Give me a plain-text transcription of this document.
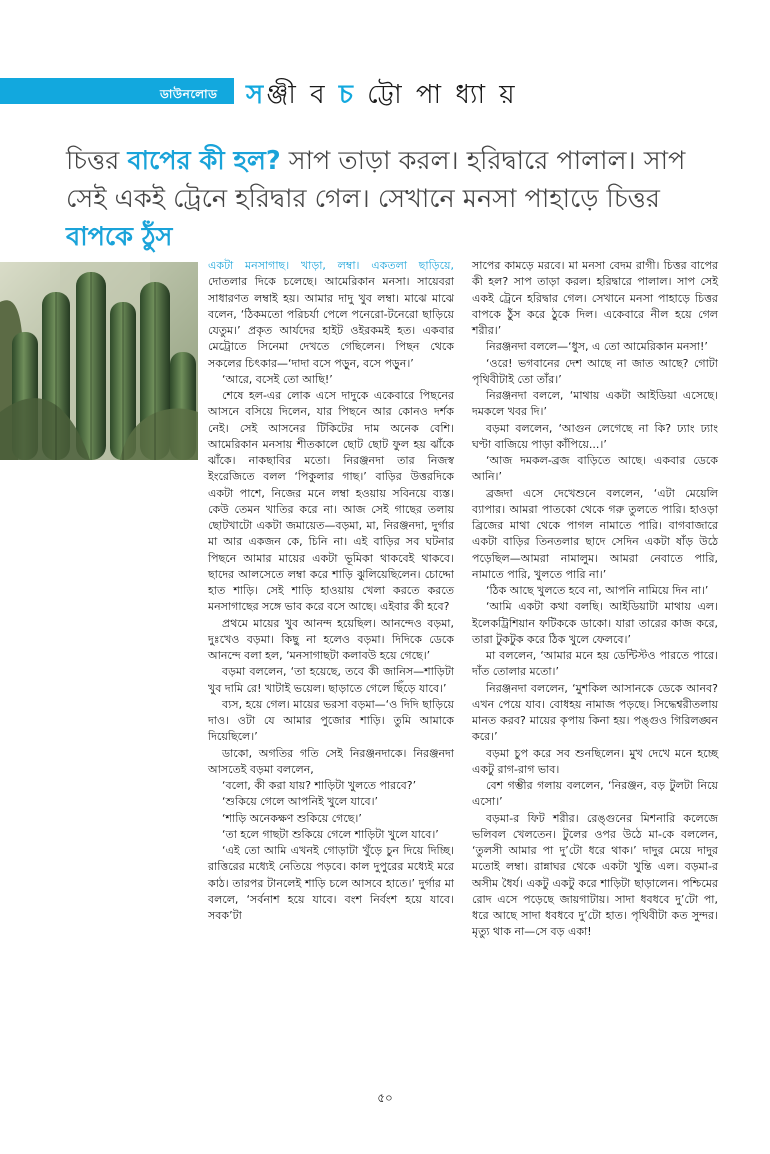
ডাউনলোড সঞ্জী ব চ ট্টো পা ধ্যা য়
চিত্তর বাপের কী হল? সাপ তাড়া করল। হরিদ্বারে পালাল। সাপ সেই একই ট্রেনে হরিদ্বার গেল। সেখানে মনসা পাহাড়ে চিত্তর বাপকে ঠুঁস

একটা মনসাগাছ। খাড়া, লম্বা। একতলা ছাড়িয়ে, দোতলার দিকে চলেছে। আমেরিকান মনসা। সায়েবরা সাধারণত লম্বাই হয়। আমার দাদু খুব লম্বা। মাঝে মাঝে বলেন, ‘ঠিকমতো পরিচর্যা পেলে পনেরো-টনেরো ছাড়িয়ে যেতুম।’ প্রকৃত আর্যদের হাইট ওইরকমই হত। একবার মেট্রোতে সিনেমা দেখতে গেছিলেন। পিছন থেকে সকলের চিৎকার—‘দাদা বসে পড়ুন, বসে পড়ুন।’

‘আরে, বসেই তো আছি!’

শেষে হল-এর লোক এসে দাদুকে একেবারে পিছনের আসনে বসিয়ে দিলেন, যার পিছনে আর কোনও দর্শক নেই। সেই আসনের টিকিটের দাম অনেক বেশি। আমেরিকান মনসায় শীতকালে ছোট ছোট ফুল হয় ঝাঁকে ঝাঁকে। নাকছাবির মতো। নিরঞ্জনদা তার নিজস্ব ইংরেজিতে বলল ‘পিকুলার গাছ।’ বাড়ির উত্তরদিকে একটা পাশে, নিজের মনে লম্বা হওয়ায় সবিনয়ে ব্যস্ত। কেউ তেমন খাতির করে না। আজ সেই গাছের তলায় ছোটখাটো একটা জমায়েত—বড়মা, মা, নিরঞ্জনদা, দুর্গার মা আর একজন কে, চিনি না। এই বাড়ির সব ঘটনার পিছনে আমার মায়ের একটা ভূমিকা থাকবেই থাকবে। ছাদের আলসেতে লম্বা করে শাড়ি ঝুলিয়েছিলেন। চোদ্দো হাত শাড়ি। সেই শাড়ি হাওয়ায় খেলা করতে করতে মনসাগাছের সঙ্গে ভাব করে বসে আছে। এইবার কী হবে?

প্রথমে মায়ের খুব আনন্দ হয়েছিল। আনন্দেও বড়মা, দুঃখেও বড়মা। কিছু না হলেও বড়মা। দিদিকে ডেকে আনন্দে বলা হল, ‘মনসাগাছটা কলাবউ হয়ে গেছে।’

বড়মা বললেন, ‘তা হয়েছে, তবে কী জানিস—শাড়িটা খুব দামি রে! খাটাই ভয়েল। ছাড়াতে গেলে ছিঁড়ে যাবে।’

ব্যস, হয়ে গেল। মায়ের ভরসা বড়মা—‘ও দিদি ছাড়িয়ে দাও। ওটা যে আমার পুজোর শাড়ি। তুমি আমাকে দিয়েছিলে।’

ডাকো, অগতির গতি সেই নিরঞ্জনদাকে। নিরঞ্জনদা আসতেই বড়মা বললেন,

‘বলো, কী করা যায়? শাড়িটা খুলতে পারবে?’

‘শুকিয়ে গেলে আপনিই খুলে যাবে।’

‘শাড়ি অনেকক্ষণ শুকিয়ে গেছে।’

‘তা হলে গাছটা শুকিয়ে গেলে শাড়িটা খুলে যাবে।’

‘এই তো আমি এখনই গোড়াটা খুঁড়ে চুন দিয়ে দিচ্ছি। রাত্তিরের মধ্যেই নেতিয়ে পড়বে। কাল দুপুরের মধ্যেই মরে কাঠ। তারপর টানলেই শাড়ি চলে আসবে হাতে।’ দুর্গার মা বললে, ‘সর্বনাশ হয়ে যাবে। বংশ নির্বংশ হয়ে যাবে। সবক’টা

সাপের কামড়ে মরবে। মা মনসা বেদম রাগী। চিত্তর বাপের কী হল? সাপ তাড়া করল। হরিদ্বারে পালাল। সাপ সেই একই ট্রেনে হরিদ্বার গেল। সেখানে মনসা পাহাড়ে চিত্তর বাপকে ঠুঁস করে ঠুকে দিল। একেবারে নীল হয়ে গেল শরীর।’

নিরঞ্জনদা বললে—‘ধুস, এ তো আমেরিকান মনসা!’

‘ওরে! ভগবানের দেশ আছে না জাত আছে? গোটা পৃথিবীটাই তো তাঁর।’

নিরঞ্জনদা বললে, ‘মাথায় একটা আইডিয়া এসেছে। দমকলে খবর দি।’

বড়মা বললেন, ‘আগুন লেগেছে না কি? ঢ্যাং ঢ্যাং ঘণ্টা বাজিয়ে পাড়া কাঁপিয়ে...।’

‘আজ দমকল-ব্রজ বাড়িতে আছে। একবার ডেকে আনি।’

ব্রজদা এসে দেখেশুনে বললেন, ‘এটা মেয়েলি ব্যাপার। আমরা পাতকো থেকে গরু তুলতে পারি। হাওড়া ব্রিজের মাথা থেকে পাগল নামাতে পারি। বাগবাজারে একটা বাড়ির তিনতলার ছাদে সেদিন একটা ষাঁড় উঠে পড়েছিল—আমরা নামালুম। আমরা নেবাতে পারি, নামাতে পারি, খুলতে পারি না।’

‘ঠিক আছে খুলতে হবে না, আপনি নামিয়ে দিন না।’

‘আমি একটা কথা বলছি। আইডিয়াটা মাথায় এল। ইলেকট্রিশিয়ান ফটিককে ডাকো। যারা তারের কাজ করে, তারা টুকটুক করে ঠিক খুলে ফেলবে।’

মা বললেন, ‘আমার মনে হয় ডেন্টিস্টও পারতে পারে। দাঁত তোলার মতো।’

নিরঞ্জনদা বললেন, ‘মুশকিল আসানকে ডেকে আনব? এখন পেয়ে যাব। বোধহয় নামাজ পড়ছে। সিদ্ধেশ্বরীতলায় মানত করব? মায়ের কৃপায় কিনা হয়। পঙ্গুও গিরিলঙ্ঘন করে।’

বড়মা চুপ করে সব শুনছিলেন। মুখ দেখে মনে হচ্ছে একটু রাগ-রাগ ভাব।

বেশ গম্ভীর গলায় বললেন, ‘নিরঞ্জন, বড় টুলটা নিয়ে এসো।’

বড়মা-র ফিট শরীর। রেঙ্গুনের মিশনারি কলেজে ভলিবল খেলতেন। টুলের ওপর উঠে মা-কে বললেন, ‘তুলসী আমার পা দু’টো ধরে থাক।’ দাদুর মেয়ে দাদুর মতোই লম্বা। রান্নাঘর থেকে একটা খুন্তি এল। বড়মা-র অসীম ধৈর্য। একটু একটু করে শাড়িটা ছাড়ালেন। পশ্চিমের রোদ এসে পড়েছে জায়গাটায়। সাদা ধবধবে দু’টো পা, ধরে আছে সাদা ধবধবে দু’টো হাত। পৃথিবীটা কত সুন্দর। মৃত্যু থাক না—সে বড় একা!

৫০
